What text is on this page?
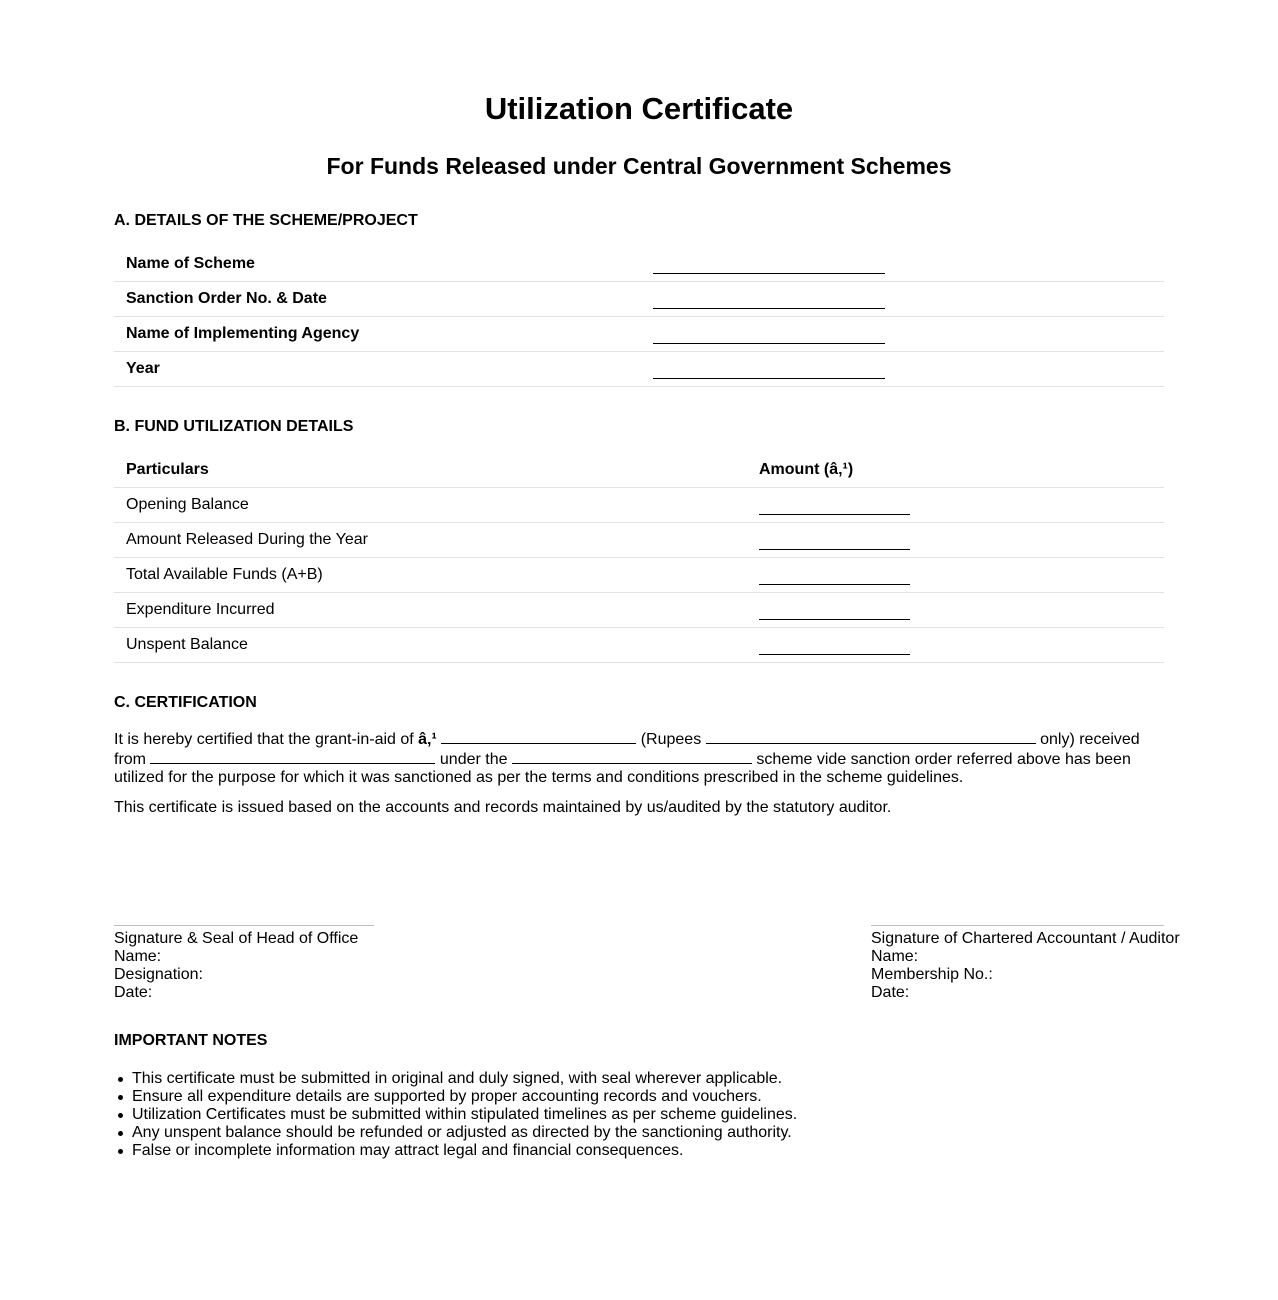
Utilization Certificate
For Funds Released under Central Government Schemes
A. DETAILS OF THE SCHEME/PROJECT
Name of Scheme
Sanction Order No. & Date
Name of Implementing Agency
Year
B. FUND UTILIZATION DETAILS
Particulars	Amount (â‚¹)
Opening Balance
Amount Released During the Year
Total Available Funds (A+B)
Expenditure Incurred
Unspent Balance
C. CERTIFICATION

It is hereby certified that the grant-in-aid of â‚¹	(Rupees	only) received from	under the	scheme vide sanction order referred above has been utilized for the purpose for which it was sanctioned as per the terms and conditions prescribed in the scheme guidelines.

This certificate is issued based on the accounts and records maintained by us/audited by the statutory auditor.

Signature & Seal of Head of Office
Name:
Designation:
Date:
Signature of Chartered Accountant / Auditor
Name:
Membership No.:
Date:
IMPORTANT NOTES
This certificate must be submitted in original and duly signed, with seal wherever applicable.
Ensure all expenditure details are supported by proper accounting records and vouchers.
Utilization Certificates must be submitted within stipulated timelines as per scheme guidelines.
Any unspent balance should be refunded or adjusted as directed by the sanctioning authority.
False or incomplete information may attract legal and financial consequences.
